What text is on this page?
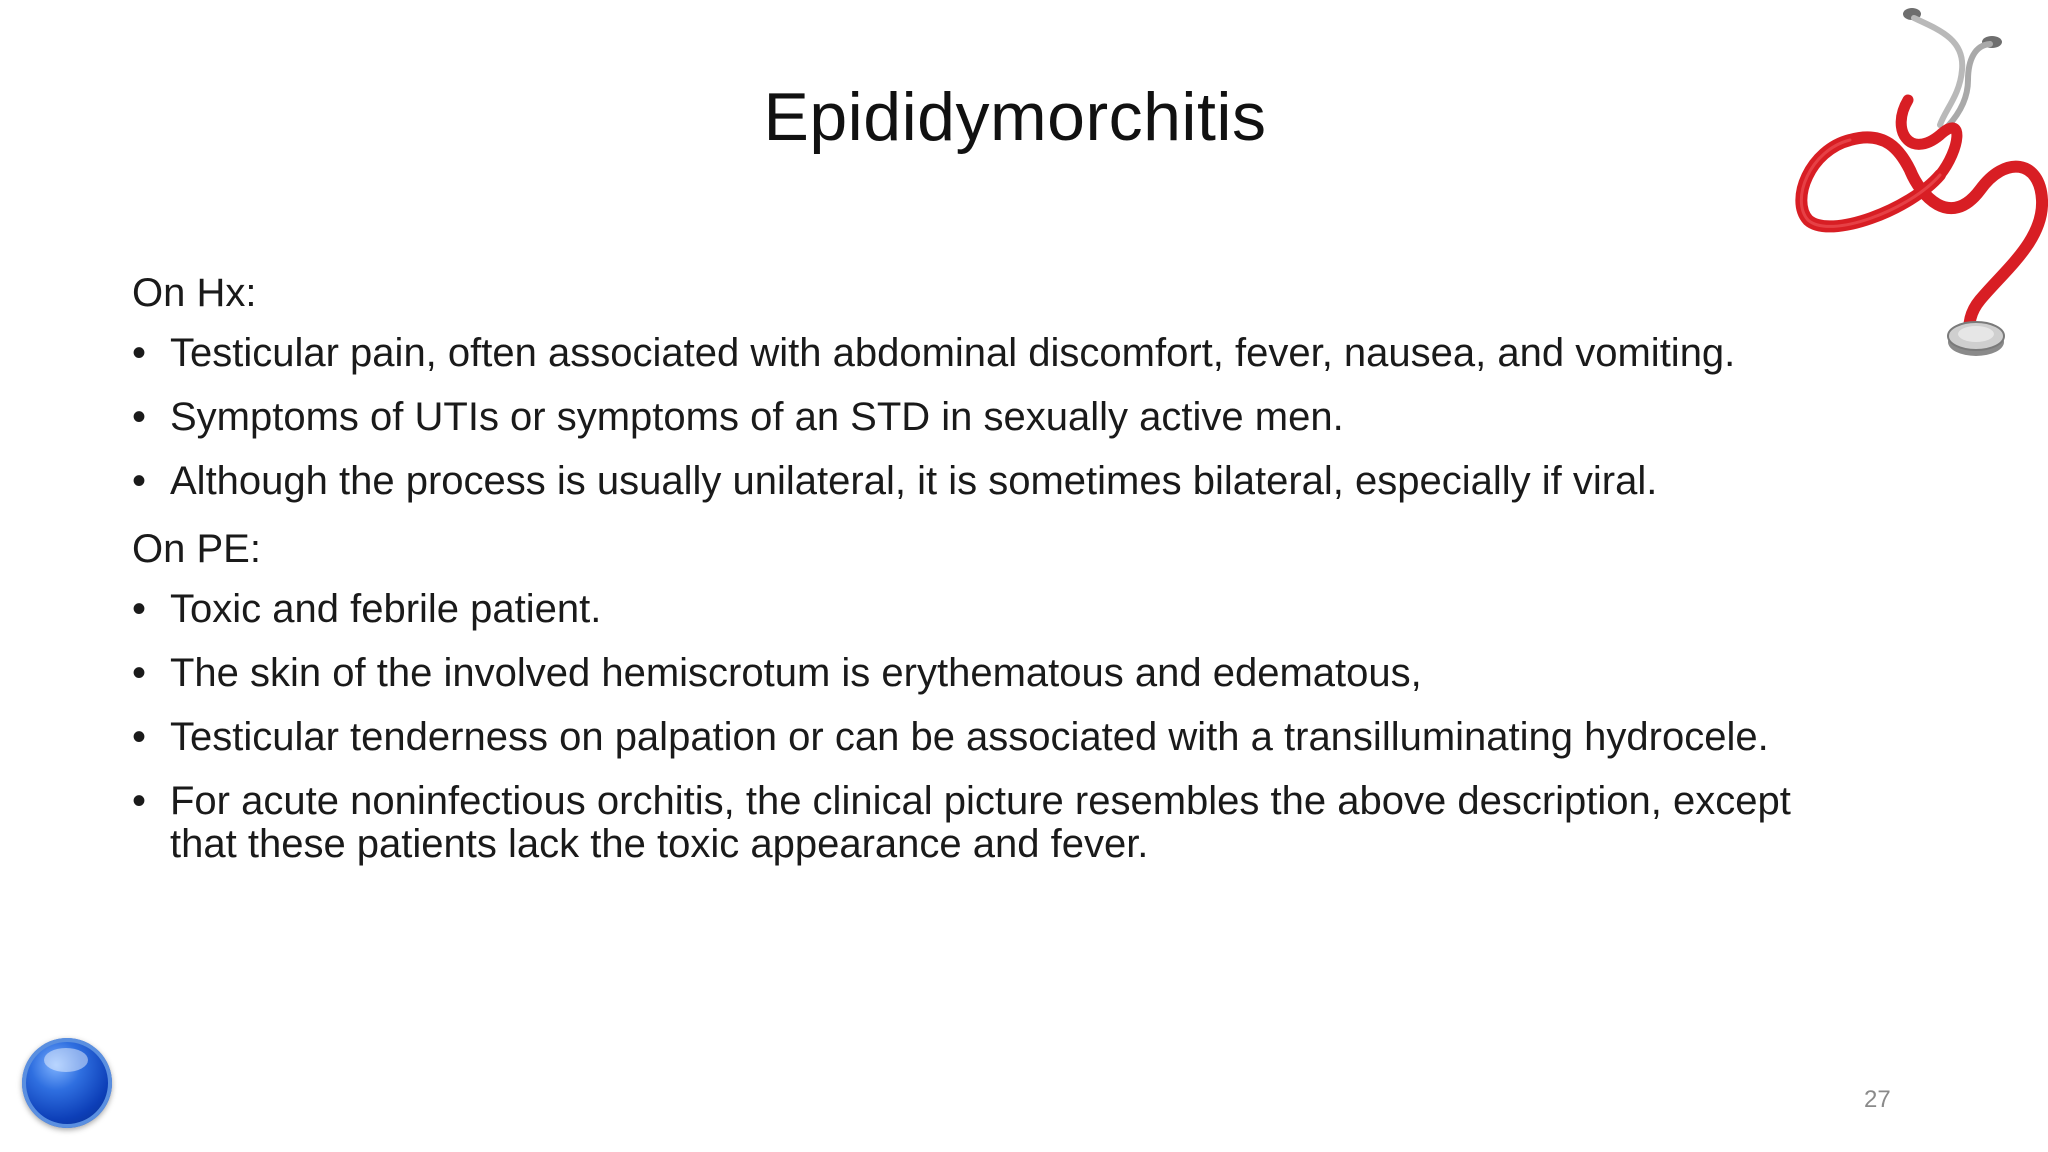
Epididymorchitis
On Hx:
• Testicular pain, often associated with abdominal discomfort, fever, nausea, and vomiting.
• Symptoms of UTIs or symptoms of an STD in sexually active men.
• Although the process is usually unilateral, it is sometimes bilateral, especially if viral.
On PE:
• Toxic and febrile patient.
• The skin of the involved hemiscrotum is erythematous and edematous,
• Testicular tenderness on palpation or can be associated with a transilluminating hydrocele.
• For acute noninfectious orchitis, the clinical picture resembles the above description, except that these patients lack the toxic appearance and fever.
27
